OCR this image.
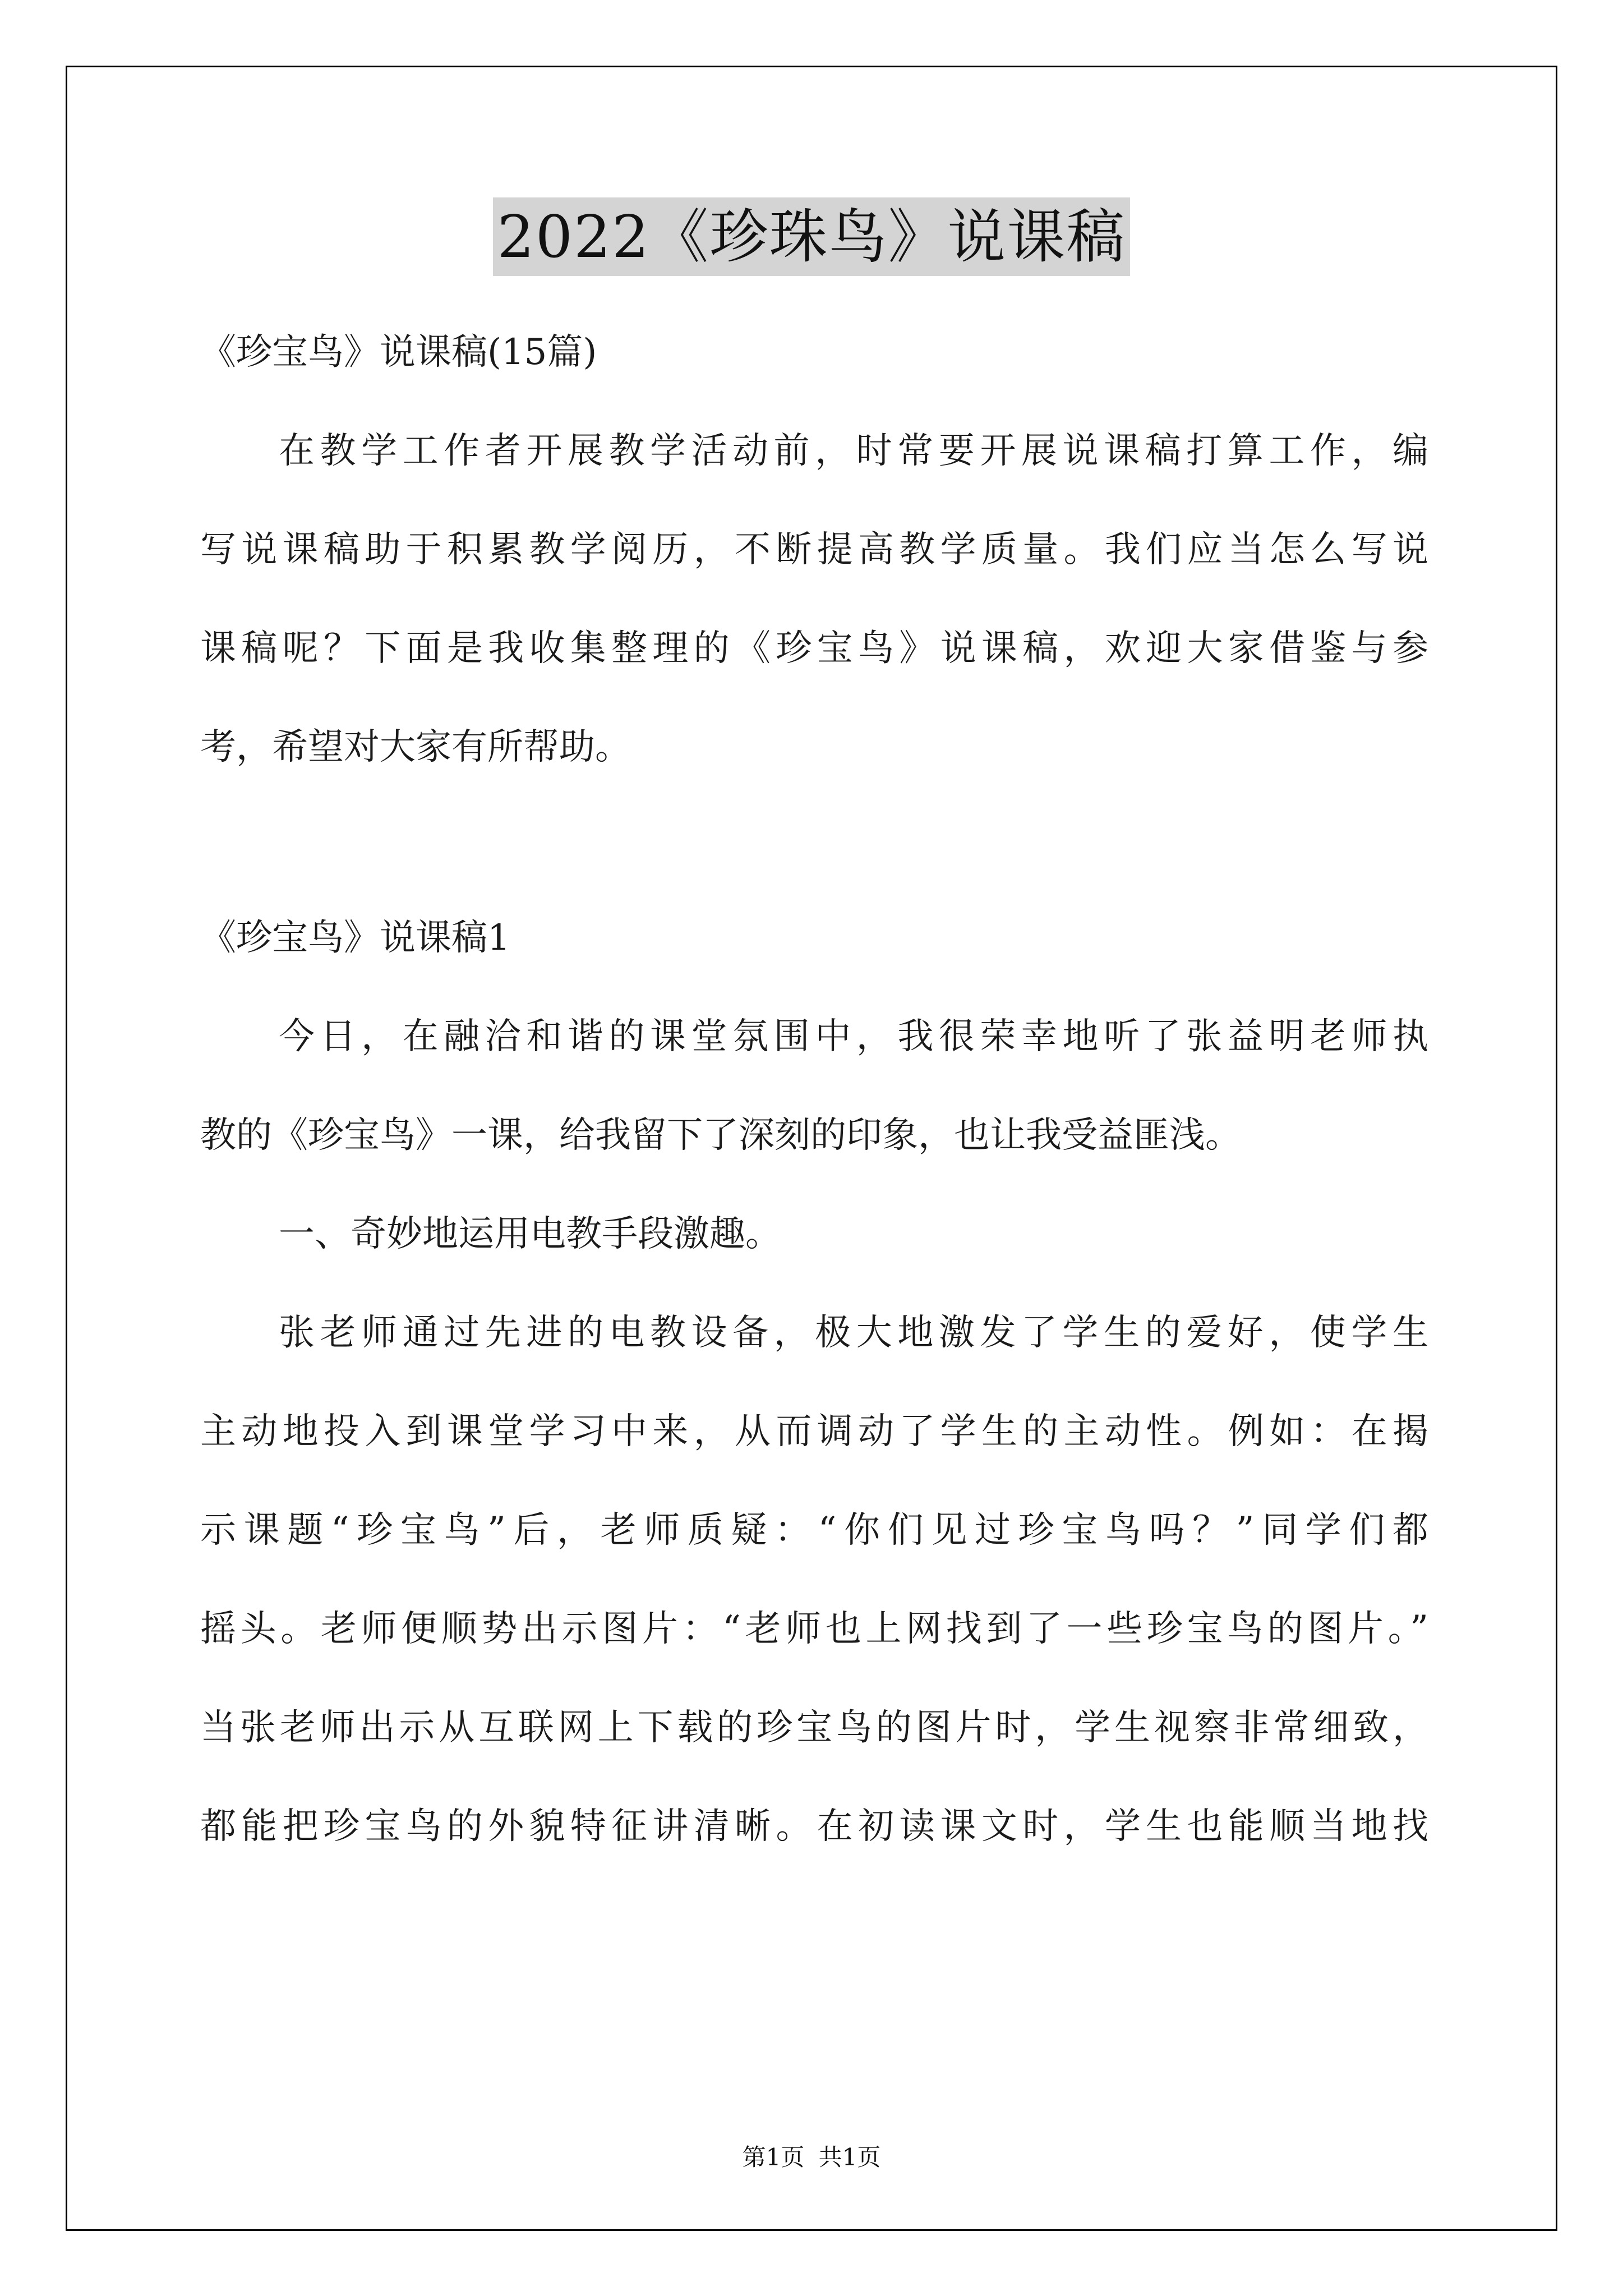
2022《珍珠鸟》说课稿
《珍宝鸟》说课稿(15篇)
在教学工作者开展教学活动前，时常要开展说课稿打算工作，编
写说课稿助于积累教学阅历，不断提高教学质量。我们应当怎么写说
课稿呢？下面是我收集整理的《珍宝鸟》说课稿，欢迎大家借鉴与参
考，希望对大家有所帮助。
《珍宝鸟》说课稿1
今日，在融洽和谐的课堂氛围中，我很荣幸地听了张益明老师执
教的《珍宝鸟》一课，给我留下了深刻的印象，也让我受益匪浅。
一、奇妙地运用电教手段激趣。
张老师通过先进的电教设备，极大地激发了学生的爱好，使学生
主动地投入到课堂学习中来，从而调动了学生的主动性。例如：在揭
示课题“珍宝鸟”后，老师质疑：“你们见过珍宝鸟吗？”同学们都
摇头。老师便顺势出示图片：“老师也上网找到了一些珍宝鸟的图片。”
当张老师出示从互联网上下载的珍宝鸟的图片时，学生视察非常细致，
都能把珍宝鸟的外貌特征讲清晰。在初读课文时，学生也能顺当地找
第1页 共1页
